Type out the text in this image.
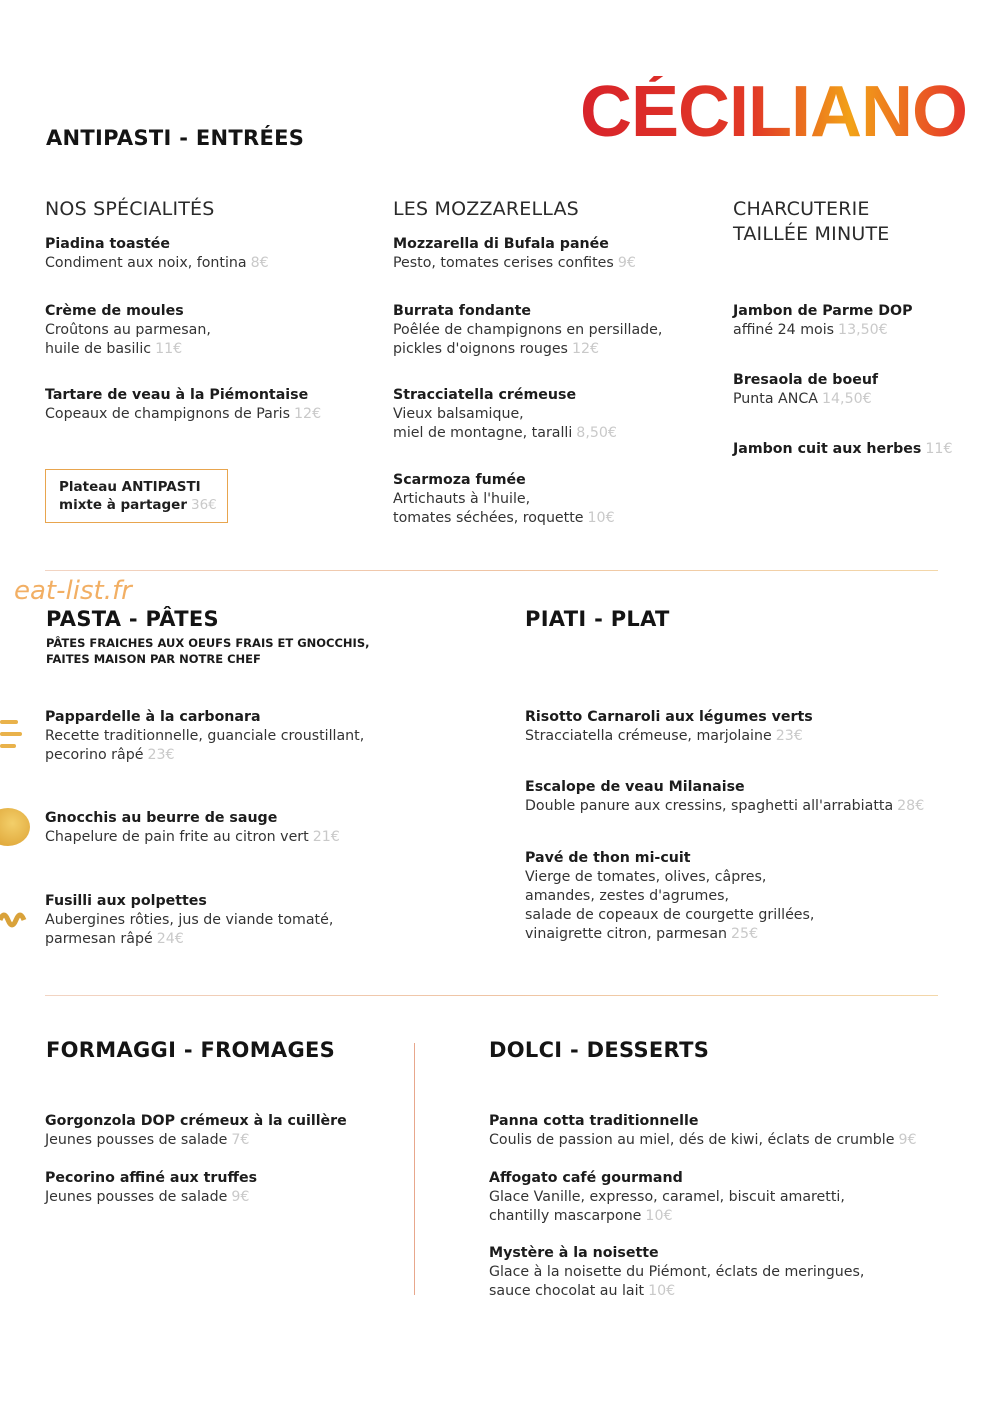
CÉCILIANO
ANTIPASTI - ENTRÉES
NOS SPÉCIALITÉS	LES MOZZARELLAS	CHARCUTERIE
TAILLÉE MINUTE
Piadina toastée
Condiment aux noix, fontina 8€
Crème de moules
Croûtons au parmesan,
huile de basilic 11€
Tartare de veau à la Piémontaise
Copeaux de champignons de Paris 12€
Plateau ANTIPASTI
mixte à partager 36€
Mozzarella di Bufala panée
Pesto, tomates cerises confites 9€
Burrata fondante
Poêlée de champignons en persillade,
pickles d'oignons rouges 12€
Stracciatella crémeuse
Vieux balsamique,
miel de montagne, taralli 8,50€
Scarmoza fumée
Artichauts à l'huile,
tomates séchées, roquette 10€
Jambon de Parme DOP
affiné 24 mois 13,50€
Bresaola de boeuf
Punta ANCA 14,50€
Jambon cuit aux herbes 11€
eat-list.fr
PASTA - PÂTES
PÂTES FRAICHES AUX OEUFS FRAIS ET GNOCCHIS,
FAITES MAISON PAR NOTRE CHEF
Pappardelle à la carbonara
Recette traditionnelle, guanciale croustillant,
pecorino râpé 23€
Gnocchis au beurre de sauge
Chapelure de pain frite au citron vert 21€
Fusilli aux polpettes
Aubergines rôties, jus de viande tomaté,
parmesan râpé 24€
PIATI - PLAT
Risotto Carnaroli aux légumes verts
Stracciatella crémeuse, marjolaine 23€
Escalope de veau Milanaise
Double panure aux cressins, spaghetti all'arrabiatta 28€
Pavé de thon mi-cuit
Vierge de tomates, olives, câpres,
amandes, zestes d'agrumes,
salade de copeaux de courgette grillées,
vinaigrette citron, parmesan 25€
FORMAGGI - FROMAGES
Gorgonzola DOP crémeux à la cuillère
Jeunes pousses de salade 7€
Pecorino affiné aux truffes
Jeunes pousses de salade 9€
DOLCI - DESSERTS
Panna cotta traditionnelle
Coulis de passion au miel, dés de kiwi, éclats de crumble 9€
Affogato café gourmand
Glace Vanille, expresso, caramel, biscuit amaretti,
chantilly mascarpone 10€
Mystère à la noisette
Glace à la noisette du Piémont, éclats de meringues,
sauce chocolat au lait 10€
